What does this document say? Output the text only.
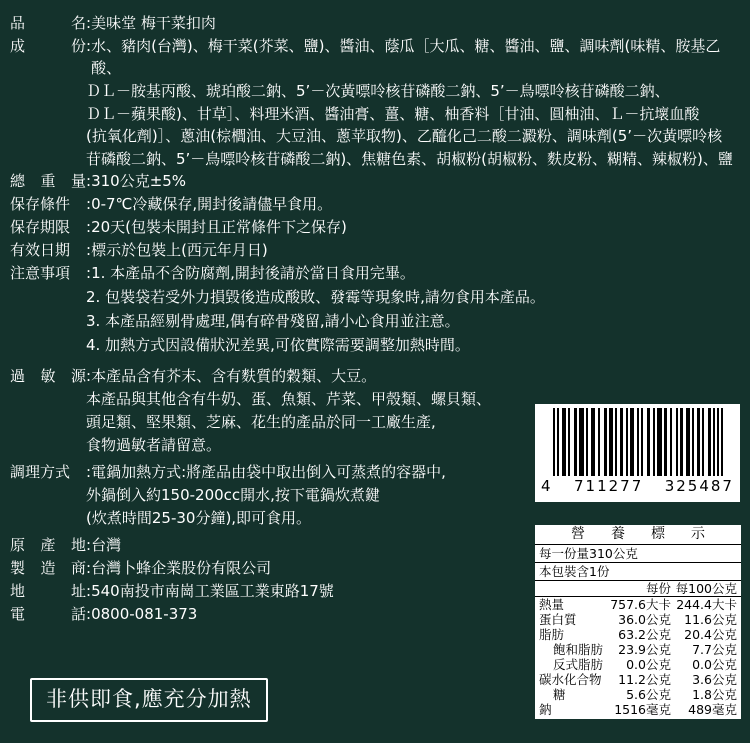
品	名 : 美味堂 梅干菜扣肉
成	份 : 水、豬肉(台灣)、梅干菜(芥菜、鹽)、醬油、蔭瓜［大瓜、糖、醬油、鹽、調味劑(味精、胺基乙酸、
ＤＬ－胺基丙酸、琥珀酸二鈉、5’－次黃嘌呤核苷磷酸二鈉、5’－鳥嘌呤核苷磷酸二鈉、
ＤＬ－蘋果酸)、甘草］、料理米酒、醬油膏、薑、糖、柚香料［甘油、圓柚油、Ｌ－抗壞血酸
(抗氧化劑)］、蔥油(棕櫚油、大豆油、蔥苹取物)、乙醯化己二酸二澱粉、調味劑(5’－次黃嘌呤核
苷磷酸二鈉、5’－鳥嘌呤核苷磷酸二鈉)、焦糖色素、胡椒粉(胡椒粉、麩皮粉、糊精、辣椒粉)、鹽
總 重 量 : 310公克±5%
保存條件 : 0-7℃冷藏保存,開封後請儘早食用。
保存期限 : 20天(包裝未開封且正常條件下之保存)
有效日期 : 標示於包裝上(西元年月日)
注意事項 : 1. 本產品不含防腐劑,開封後請於當日食用完畢。
2. 包裝袋若受外力損毀後造成酸敗、發霉等現象時,請勿食用本產品。
3. 本產品經剔骨處理,偶有碎骨殘留,請小心食用並注意。
4. 加熱方式因設備狀況差異,可依實際需要調整加熱時間。
過 敏 源 : 本產品含有芥末、含有麩質的穀類、大豆。
本產品與其他含有牛奶、蛋、魚類、芹菜、甲殼類、螺貝類、
頭足類、堅果類、芝麻、花生的產品於同一工廠生產,
食物過敏者請留意。
調理方式 : 電鍋加熱方式:將產品由袋中取出倒入可蒸煮的容器中,
外鍋倒入約150-200cc開水,按下電鍋炊煮鍵
(炊煮時間25-30分鐘),即可食用。
原 產 地 : 台灣
製 造 商 : 台灣卜蜂企業股份有限公司
地	址 : 540南投市南崗工業區工業東路17號
電	話 : 0800-081-373
非供即食,應充分加熱
4 711277 325487
營　養　標　示
每一份量310公克
本包裝含1份

每份 每100公克
熱量	757.6大卡 244.4大卡
蛋白質	36.0公克	11.6公克
脂肪	63.2公克	20.4公克
飽和脂肪	23.9公克	7.7公克
反式脂肪	0.0公克	0.0公克
碳水化合物	11.2公克	3.6公克
糖	5.6公克	1.8公克
鈉	1516毫克	489毫克
